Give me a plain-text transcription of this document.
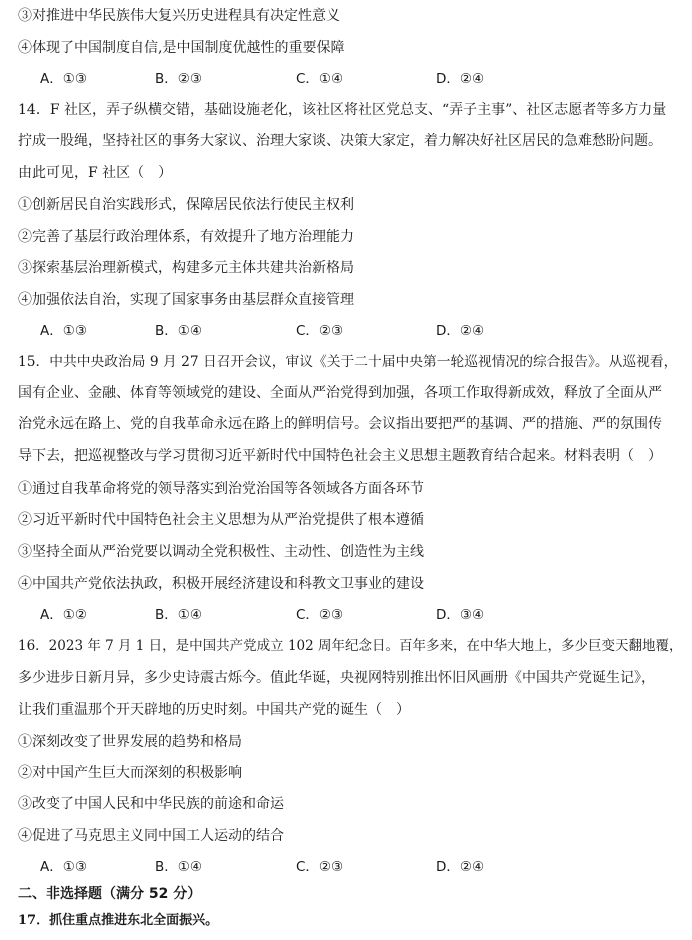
③对推进中华民族伟大复兴历史进程具有决定性意义
④体现了中国制度自信,是中国制度优越性的重要保障
A．①③	B．②③	C．①④	D．②④
14．F 社区，弄子纵横交错，基础设施老化，该社区将社区党总支、“弄子主事”、社区志愿者等多方力量
拧成一股绳，坚持社区的事务大家议、治理大家谈、决策大家定，着力解决好社区居民的急难愁盼问题。
由此可见，F 社区（　）
①创新居民自治实践形式，保障居民依法行使民主权利
②完善了基层行政治理体系，有效提升了地方治理能力
③探索基层治理新模式，构建多元主体共建共治新格局
④加强依法自治，实现了国家事务由基层群众直接管理
A．①③	B．①④	C．②③	D．②④
15．中共中央政治局 9 月 27 日召开会议，审议《关于二十届中央第一轮巡视情况的综合报告》。从巡视看，
国有企业、金融、体育等领域党的建设、全面从严治党得到加强，各项工作取得新成效，释放了全面从严
治党永远在路上、党的自我革命永远在路上的鲜明信号。会议指出要把严的基调、严的措施、严的氛围传
导下去，把巡视整改与学习贯彻习近平新时代中国特色社会主义思想主题教育结合起来。材料表明（　）
①通过自我革命将党的领导落实到治党治国等各领域各方面各环节
②习近平新时代中国特色社会主义思想为从严治党提供了根本遵循
③坚持全面从严治党要以调动全党积极性、主动性、创造性为主线
④中国共产党依法执政，积极开展经济建设和科教文卫事业的建设
A．①②	B．①④	C．②③	D．③④
16．2023 年 7 月 1 日，是中国共产党成立 102 周年纪念日。百年多来，在中华大地上，多少巨变天翻地覆，
多少进步日新月异，多少史诗震古烁今。值此华诞，央视网特别推出怀旧风画册《中国共产党诞生记》，
让我们重温那个开天辟地的历史时刻。中国共产党的诞生（　）
①深刻改变了世界发展的趋势和格局
②对中国产生巨大而深刻的积极影响
③改变了中国人民和中华民族的前途和命运
④促进了马克思主义同中国工人运动的结合
A．①③	B．①④	C．②③	D．②④
二、非选择题（满分 52 分）
17．抓住重点推进东北全面振兴。
